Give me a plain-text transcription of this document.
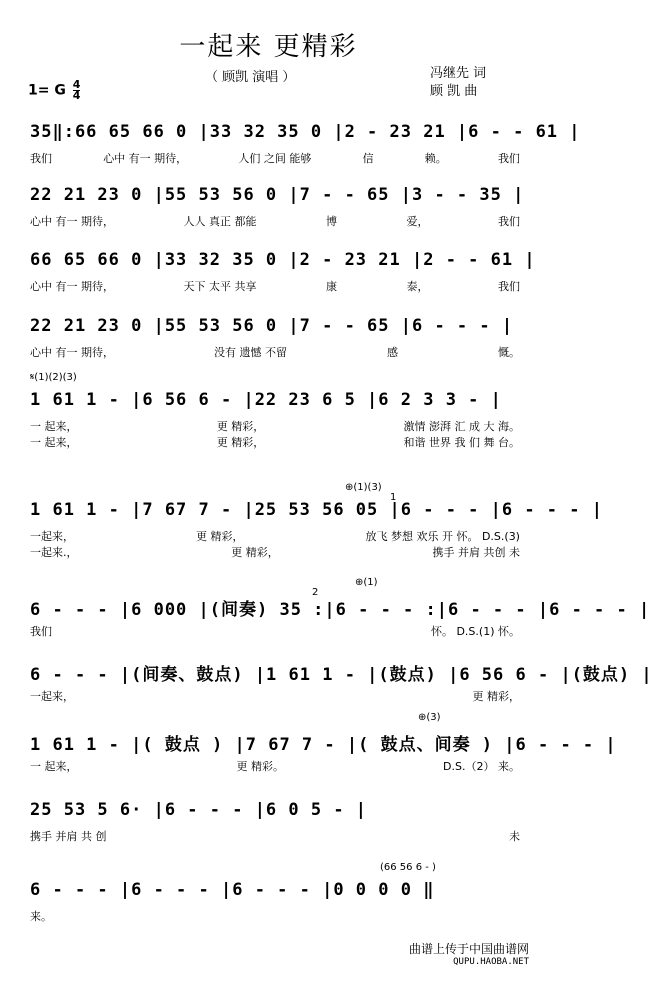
一起来 更精彩
（ 顾凯 演唱 ）	冯继先 词
顾 凯 曲
1= G $\frac{4}{4}$
35‖:66 65 66 0 |33 32 35 0 |2 - 23 21 |6 - - 61 |
我们	心中 有一 期待，	人们 之间 能够	信	赖。	我们
22 21 23 0 |55 53 56 0 |7 - - 65 |3 - - 35 |
心中 有一 期待，	人人 真正 都能	博	爱，	我们
66 65 66 0 |33 32 35 0 |2 - 23 21 |2 - - 61 |
心中 有一 期待，	天下 太平 共享	康	泰，	我们
22 21 23 0 |55 53 56 0 |7 - - 65 |6 - - - |
心中 有一 期待，	没有 遗憾 不留	感	慨。
𝄋(1)(2)(3)
1 61 1 - |6 56 6 - |22 23 6 5 |6 2 3 3 - |
一 起来，	更 精彩，	激情 澎湃 汇 成 大 海。
一 起来，	更 精彩，	和谐 世界 我 们 舞 台。
⊕(1)(3)
1
1 61 1 - |7 67 7 - |25 53 56 05 |6 - - - |6 - - - |
一起来，	更 精彩，	放飞 梦想 欢乐 开 怀。 D.S.(3)
一起来.，	更 精彩，	携手 并肩 共创 未
⊕(1)
2
6 - - - |6 000 |(间奏) 35 :|6 - - - :|6 - - - |6 - - - |
我们	怀。 D.S.(1) 怀。
6 - - - |(间奏、鼓点) |1 61 1 - |(鼓点) |6 56 6 - |(鼓点) |
一起来，	更 精彩，
⊕(3)
1 61 1 - |( 鼓点 ) |7 67 7 - |( 鼓点、间奏 ) |6 - - - |
一 起来，	更 精彩。	D.S.（2） 来。
25 53 5 6· |6 - - - |6 0 5 - |
携手 并肩 共 创	未
(66 56 6 - )
6 - - - |6 - - - |6 - - - |0 0 0 0 ‖
来。
曲谱上传于中国曲谱网
QUPU.HAOBA.NET
